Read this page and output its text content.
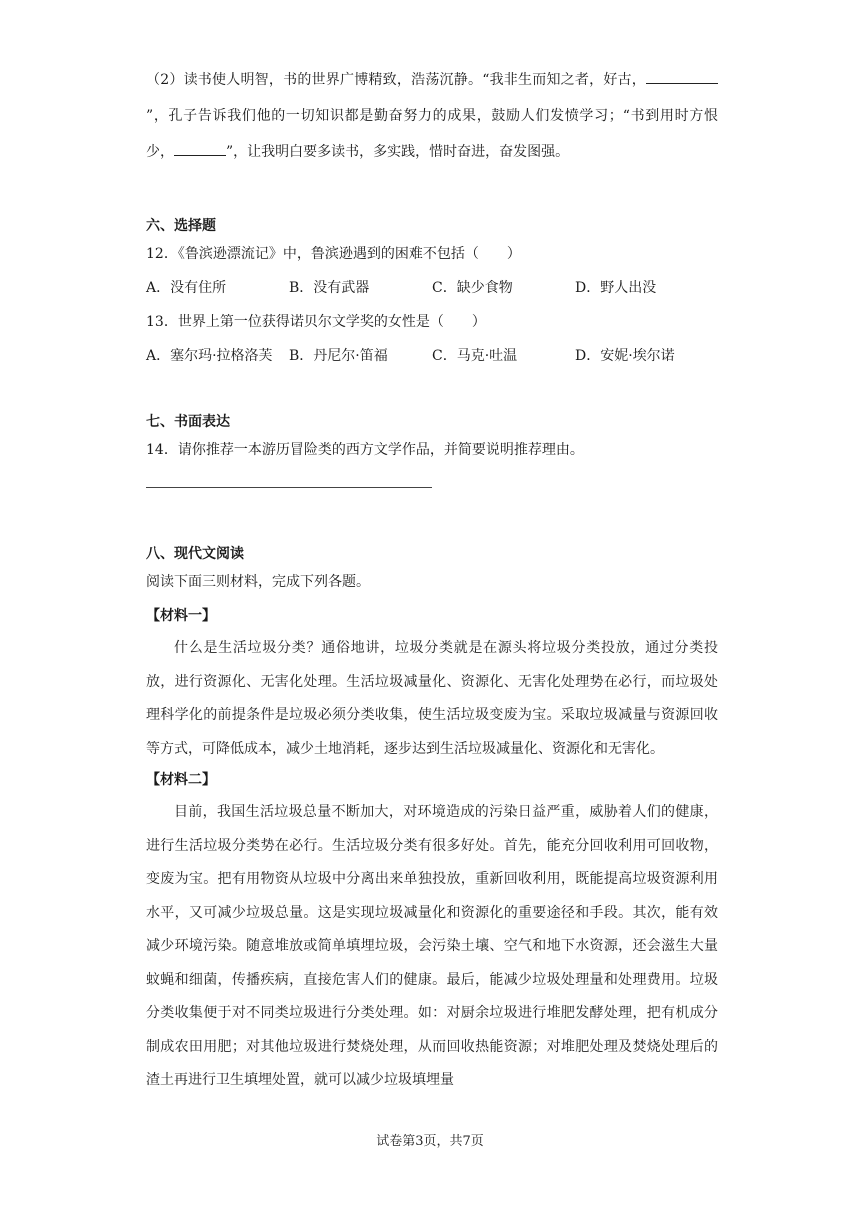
（2）读书使人明智，书的世界广博精致，浩荡沉静。“我非生而知之者，好古，”，孔子告诉我们他的一切知识都是勤奋努力的成果，鼓励人们发愤学习；“书到用时方恨少，	”，让我明白要多读书，多实践，惜时奋进，奋发图强。

六、选择题

12．《鲁滨逊漂流记》中，鲁滨逊遇到的困难不包括（　　）

A．没有住所	B．没有武器	C．缺少食物	D．野人出没

13．世界上第一位获得诺贝尔文学奖的女性是（　　）

A．塞尔玛·拉格洛芙	B．丹尼尔·笛福	C．马克·吐温	D．安妮·埃尔诺

七、书面表达

14．请你推荐一本游历冒险类的西方文学作品，并简要说明推荐理由。

八、现代文阅读

阅读下面三则材料，完成下列各题。

【材料一】

什么是生活垃圾分类？通俗地讲，垃圾分类就是在源头将垃圾分类投放，通过分类投放，进行资源化、无害化处理。生活垃圾减量化、资源化、无害化处理势在必行，而垃圾处理科学化的前提条件是垃圾必须分类收集，使生活垃圾变废为宝。采取垃圾减量与资源回收等方式，可降低成本，减少土地消耗，逐步达到生活垃圾减量化、资源化和无害化。

【材料二】

目前，我国生活垃圾总量不断加大，对环境造成的污染日益严重，威胁着人们的健康，进行生活垃圾分类势在必行。生活垃圾分类有很多好处。首先，能充分回收利用可回收物，变废为宝。把有用物资从垃圾中分离出来单独投放，重新回收利用，既能提高垃圾资源利用水平，又可减少垃圾总量。这是实现垃圾减量化和资源化的重要途径和手段。其次，能有效减少环境污染。随意堆放或简单填埋垃圾，会污染土壤、空气和地下水资源，还会滋生大量蚊蝇和细菌，传播疾病，直接危害人们的健康。最后，能减少垃圾处理量和处理费用。垃圾分类收集便于对不同类垃圾进行分类处理。如：对厨余垃圾进行堆肥发酵处理，把有机成分制成农田用肥；对其他垃圾进行焚烧处理，从而回收热能资源；对堆肥处理及焚烧处理后的渣土再进行卫生填埋处置，就可以减少垃圾填埋量

试卷第3页，共7页
